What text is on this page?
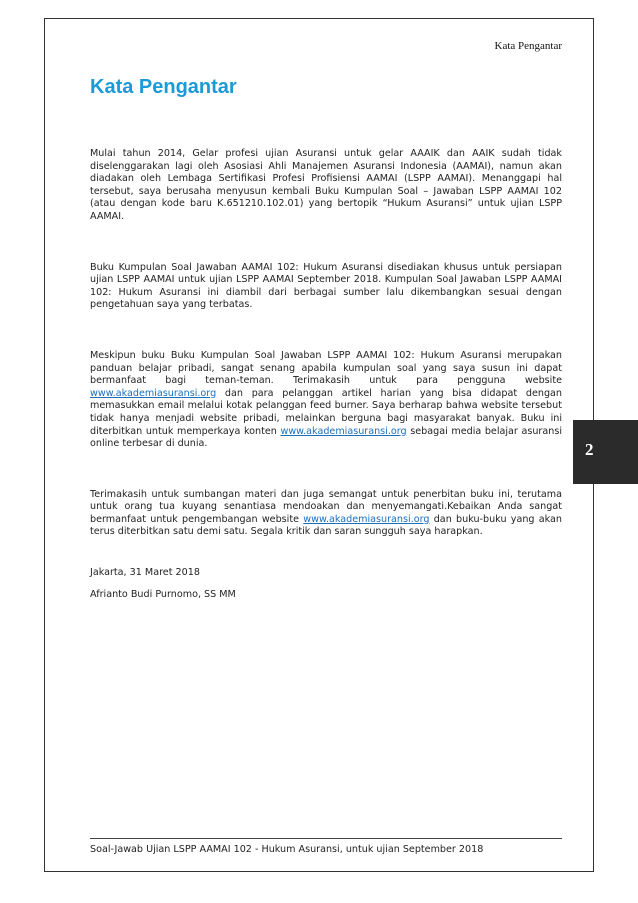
Kata Pengantar
Kata Pengantar

Mulai tahun 2014, Gelar profesi ujian Asuransi untuk gelar AAAIK dan AAIK sudah tidak diselenggarakan lagi oleh Asosiasi Ahli Manajemen Asuransi Indonesia (AAMAI), namun akan diadakan oleh Lembaga Sertifikasi Profesi Profisiensi AAMAI (LSPP AAMAI). Menanggapi hal tersebut, saya berusaha menyusun kembali Buku Kumpulan Soal – Jawaban LSPP AAMAI 102 (atau dengan kode baru K.651210.102.01) yang bertopik “Hukum Asuransi” untuk ujian LSPP AAMAI.

Buku Kumpulan Soal Jawaban AAMAI 102: Hukum Asuransi disediakan khusus untuk persiapan ujian LSPP AAMAI untuk ujian LSPP AAMAI September 2018. Kumpulan Soal Jawaban LSPP AAMAI 102: Hukum Asuransi ini diambil dari berbagai sumber lalu dikembangkan sesuai dengan pengetahuan saya yang terbatas.

Meskipun buku Buku Kumpulan Soal Jawaban LSPP AAMAI 102: Hukum Asuransi merupakan panduan belajar pribadi, sangat senang apabila kumpulan soal yang saya susun ini dapat bermanfaat bagi teman-teman. Terimakasih untuk para pengguna website www.akademiasuransi.org dan para pelanggan artikel harian yang bisa didapat dengan memasukkan email melalui kotak pelanggan feed burner. Saya berharap bahwa website tersebut tidak hanya menjadi website pribadi, melainkan berguna bagi masyarakat banyak. Buku ini diterbitkan untuk memperkaya konten www.akademiasuransi.org sebagai media belajar asuransi online terbesar di dunia.

Terimakasih untuk sumbangan materi dan juga semangat untuk penerbitan buku ini, terutama untuk orang tua kuyang senantiasa mendoakan dan menyemangati.Kebaikan Anda sangat bermanfaat untuk pengembangan website www.akademiasuransi.org dan buku-buku yang akan terus diterbitkan satu demi satu. Segala kritik dan saran sungguh saya harapkan.

Jakarta, 31 Maret 2018
Afrianto Budi Purnomo, SS MM
Soal-Jawab Ujian LSPP AAMAI 102 - Hukum Asuransi, untuk ujian September 2018
2
